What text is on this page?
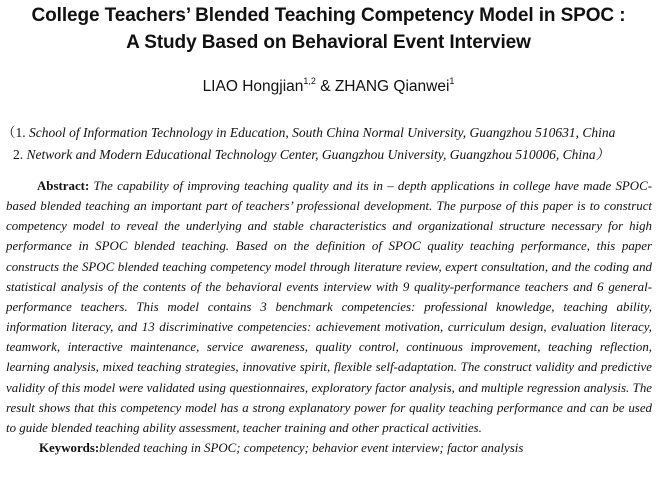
College Teachers’ Blended Teaching Competency Model in SPOC :
A Study Based on Behavioral Event Interview
LIAO Hongjian$^{1,2}$ & ZHANG Qianwei$^1$
（1. School of Information Technology in Education, South China Normal University, Guangzhou 510631, China
2. Network and Modern Educational Technology Center, Guangzhou University, Guangzhou 510006, China）

Abstract: The capability of improving teaching quality and its in – depth applications in college have made SPOC-based blended teaching an important part of teachers’ professional development. The purpose of this paper is to construct competency model to reveal the underlying and stable characteristics and organizational structure necessary for high performance in SPOC blended teaching. Based on the definition of SPOC quality teaching performance, this paper constructs the SPOC blended teaching competency model through literature review, expert consultation, and the coding and statistical analysis of the contents of the behavioral events interview with 9 quality-performance teachers and 6 general-performance teachers. This model contains 3 benchmark competencies: professional knowledge, teaching ability, information literacy, and 13 discriminative competencies: achievement motivation, curriculum design, evaluation literacy, teamwork, interactive maintenance, service awareness, quality control, continuous improvement, teaching reflection, learning analysis, mixed teaching strategies, innovative spirit, flexible self-adaptation. The construct validity and predictive validity of this model were validated using questionnaires, exploratory factor analysis, and multiple regression analysis. The result shows that this competency model has a strong explanatory power for quality teaching performance and can be used to guide blended teaching ability assessment, teacher training and other practical activities.

Keywords:blended teaching in SPOC; competency; behavior event interview; factor analysis
